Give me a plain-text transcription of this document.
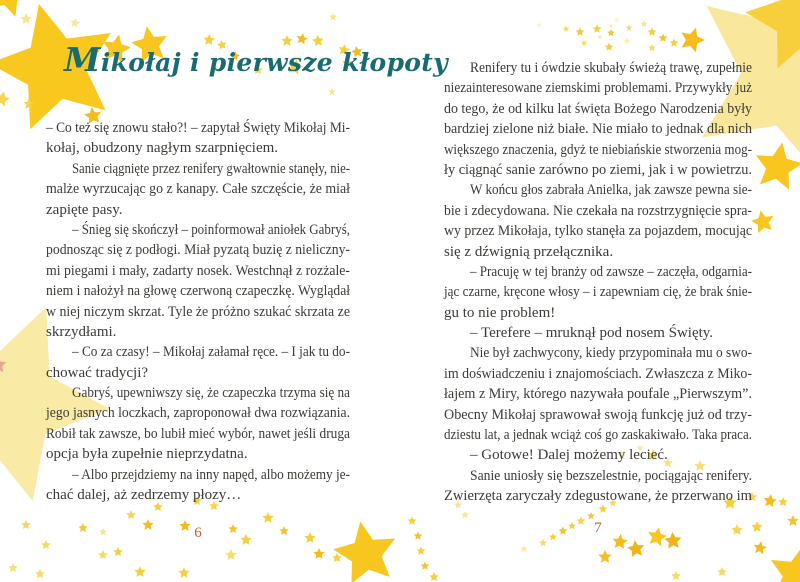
Mikołaj i pierwsze kłopoty
– Co też się znowu stało?! – zapytał Święty Mikołaj Mi-
kołaj, obudzony nagłym szarpnięciem.
Sanie ciągnięte przez renifery gwałtownie stanęły, nie-
malże wyrzucając go z kanapy. Całe szczęście, że miał
zapięte pasy.
– Śnieg się skończył – poinformował aniołek Gabryś,
podnosząc się z podłogi. Miał pyzatą buzię z nieliczny-
mi piegami i mały, zadarty nosek. Westchnął z rozżale-
niem i nałożył na głowę czerwoną czapeczkę. Wyglądał
w niej niczym skrzat. Tyle że próżno szukać skrzata ze
skrzydłami.
– Co za czasy! – Mikołaj załamał ręce. – I jak tu do-
chować tradycji?
Gabryś, upewniwszy się, że czapeczka trzyma się na
jego jasnych loczkach, zaproponował dwa rozwiązania.
Robił tak zawsze, bo lubił mieć wybór, nawet jeśli druga
opcja była zupełnie nieprzydatna.
– Albo przejdziemy na inny napęd, albo możemy je-
chać dalej, aż zedrzemy płozy…
Renifery tu i ówdzie skubały świeżą trawę, zupełnie
niezainteresowane ziemskimi problemami. Przywykły już
do tego, że od kilku lat święta Bożego Narodzenia były
bardziej zielone niż białe. Nie miało to jednak dla nich
większego znaczenia, gdyż te niebiańskie stworzenia mog-
ły ciągnąć sanie zarówno po ziemi, jak i w powietrzu.
W końcu głos zabrała Anielka, jak zawsze pewna sie-
bie i zdecydowana. Nie czekała na rozstrzygnięcie spra-
wy przez Mikołaja, tylko stanęła za pojazdem, mocując
się z dźwignią przełącznika.
– Pracuję w tej branży od zawsze – zaczęła, odgarnia-
jąc czarne, kręcone włosy – i zapewniam cię, że brak śnie-
gu to nie problem!
– Terefere – mruknął pod nosem Święty.
Nie był zachwycony, kiedy przypominała mu o swo-
im doświadczeniu i znajomościach. Zwłaszcza z Miko-
łajem z Miry, którego nazywała poufale „Pierwszym”.
Obecny Mikołaj sprawował swoją funkcję już od trzy-
dziestu lat, a jednak wciąż coś go zaskakiwało. Taka praca.
– Gotowe! Dalej możemy lecieć.
Sanie uniosły się bezszelestnie, pociągając renifery.
Zwierzęta zaryczały zdegustowane, że przerwano im
6	7
